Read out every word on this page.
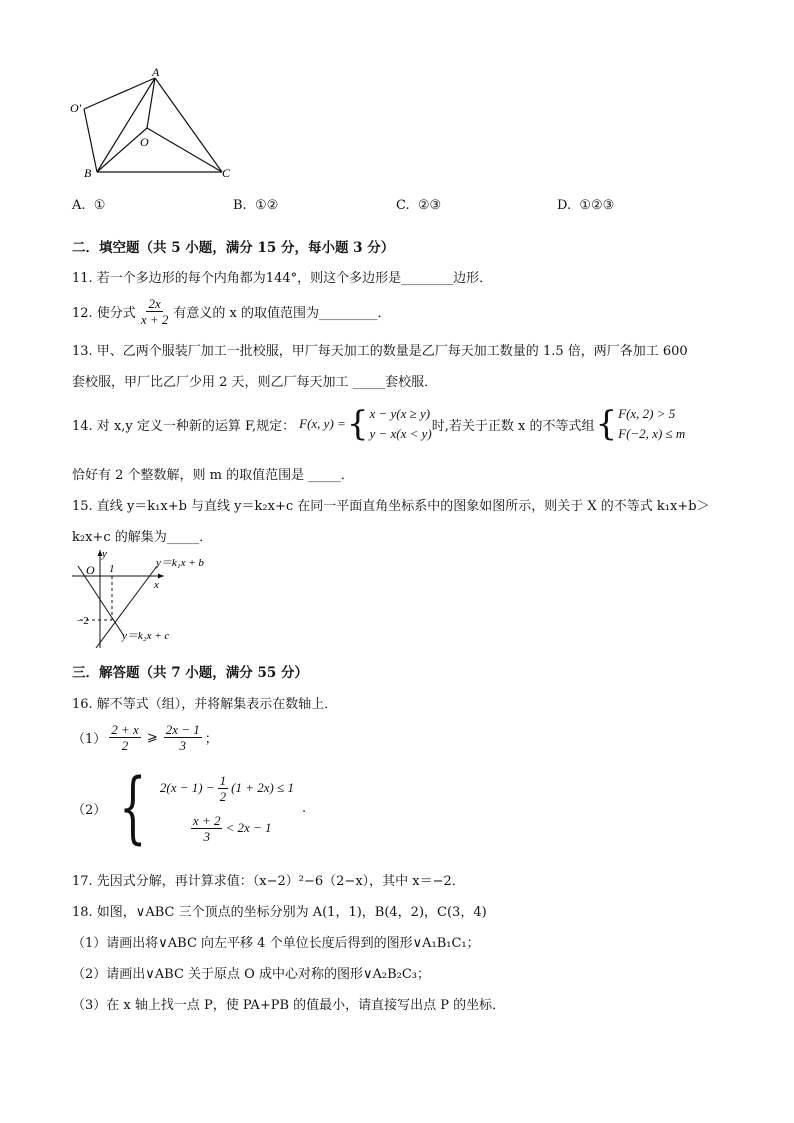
A
O′
O
B	C
A. ①	B. ①②	C. ②③	D. ①②③
二．填空题（共 5 小题，满分 15 分，每小题 3 分）
11. 若一个多边形的每个内角都为144°，则这个多边形是________边形．
12. 使分式 $\frac{2x}{x + 2}$ 有意义的 x 的取值范围为_________．
13. 甲、乙两个服装厂加工一批校服，甲厂每天加工的数量是乙厂每天加工数量的 1.5 倍，两厂各加工 600
套校服，甲厂比乙厂少用 2 天，则乙厂每天加工 _____套校服．
14. 对 x,y 定义一种新的运算 F,规定： F(x, y) = { x − y(x ≥ y)
y − x(x < y) 时,若关于正数 x 的不等式组 { F(x, 2) > 5
F(−2, x) ≤ m
恰好有 2 个整数解，则 m 的取值范围是 _____．
15. 直线 y＝k₁x+b 与直线 y＝k₂x+c 在同一平面直角坐标系中的图象如图所示，则关于 X 的不等式 k₁x+b＞
k₂x+c 的解集为_____．
y
O 1
x
−2
y＝k₁x + b
y＝k₂x + c
三．解答题（共 7 小题，满分 55 分）
16. 解不等式（组），并将解集表示在数轴上．
$(1) \frac{2 + x}{2}$ ⩾ $\frac{2x - 1}{3}$ ；
（2） { $2(x - 1) - \frac{1}{2} (1 + 2x) \le 1$
$\frac{x + 2}{3} < 2x - 1$
.
17. 先因式分解，再计算求值：（x−2）²−6（2−x），其中 x＝−2．
18. 如图，∨ABC 三个顶点的坐标分别为 A(1，1)，B(4，2)，C(3，4)
（1）请画出将∨ABC 向左平移 4 个单位长度后得到的图形∨A₁B₁C₁；
（2）请画出∨ABC 关于原点 O 成中心对称的图形∨A₂B₂C₃；
（3）在 x 轴上找一点 P，使 PA+PB 的值最小，请直接写出点 P 的坐标．
